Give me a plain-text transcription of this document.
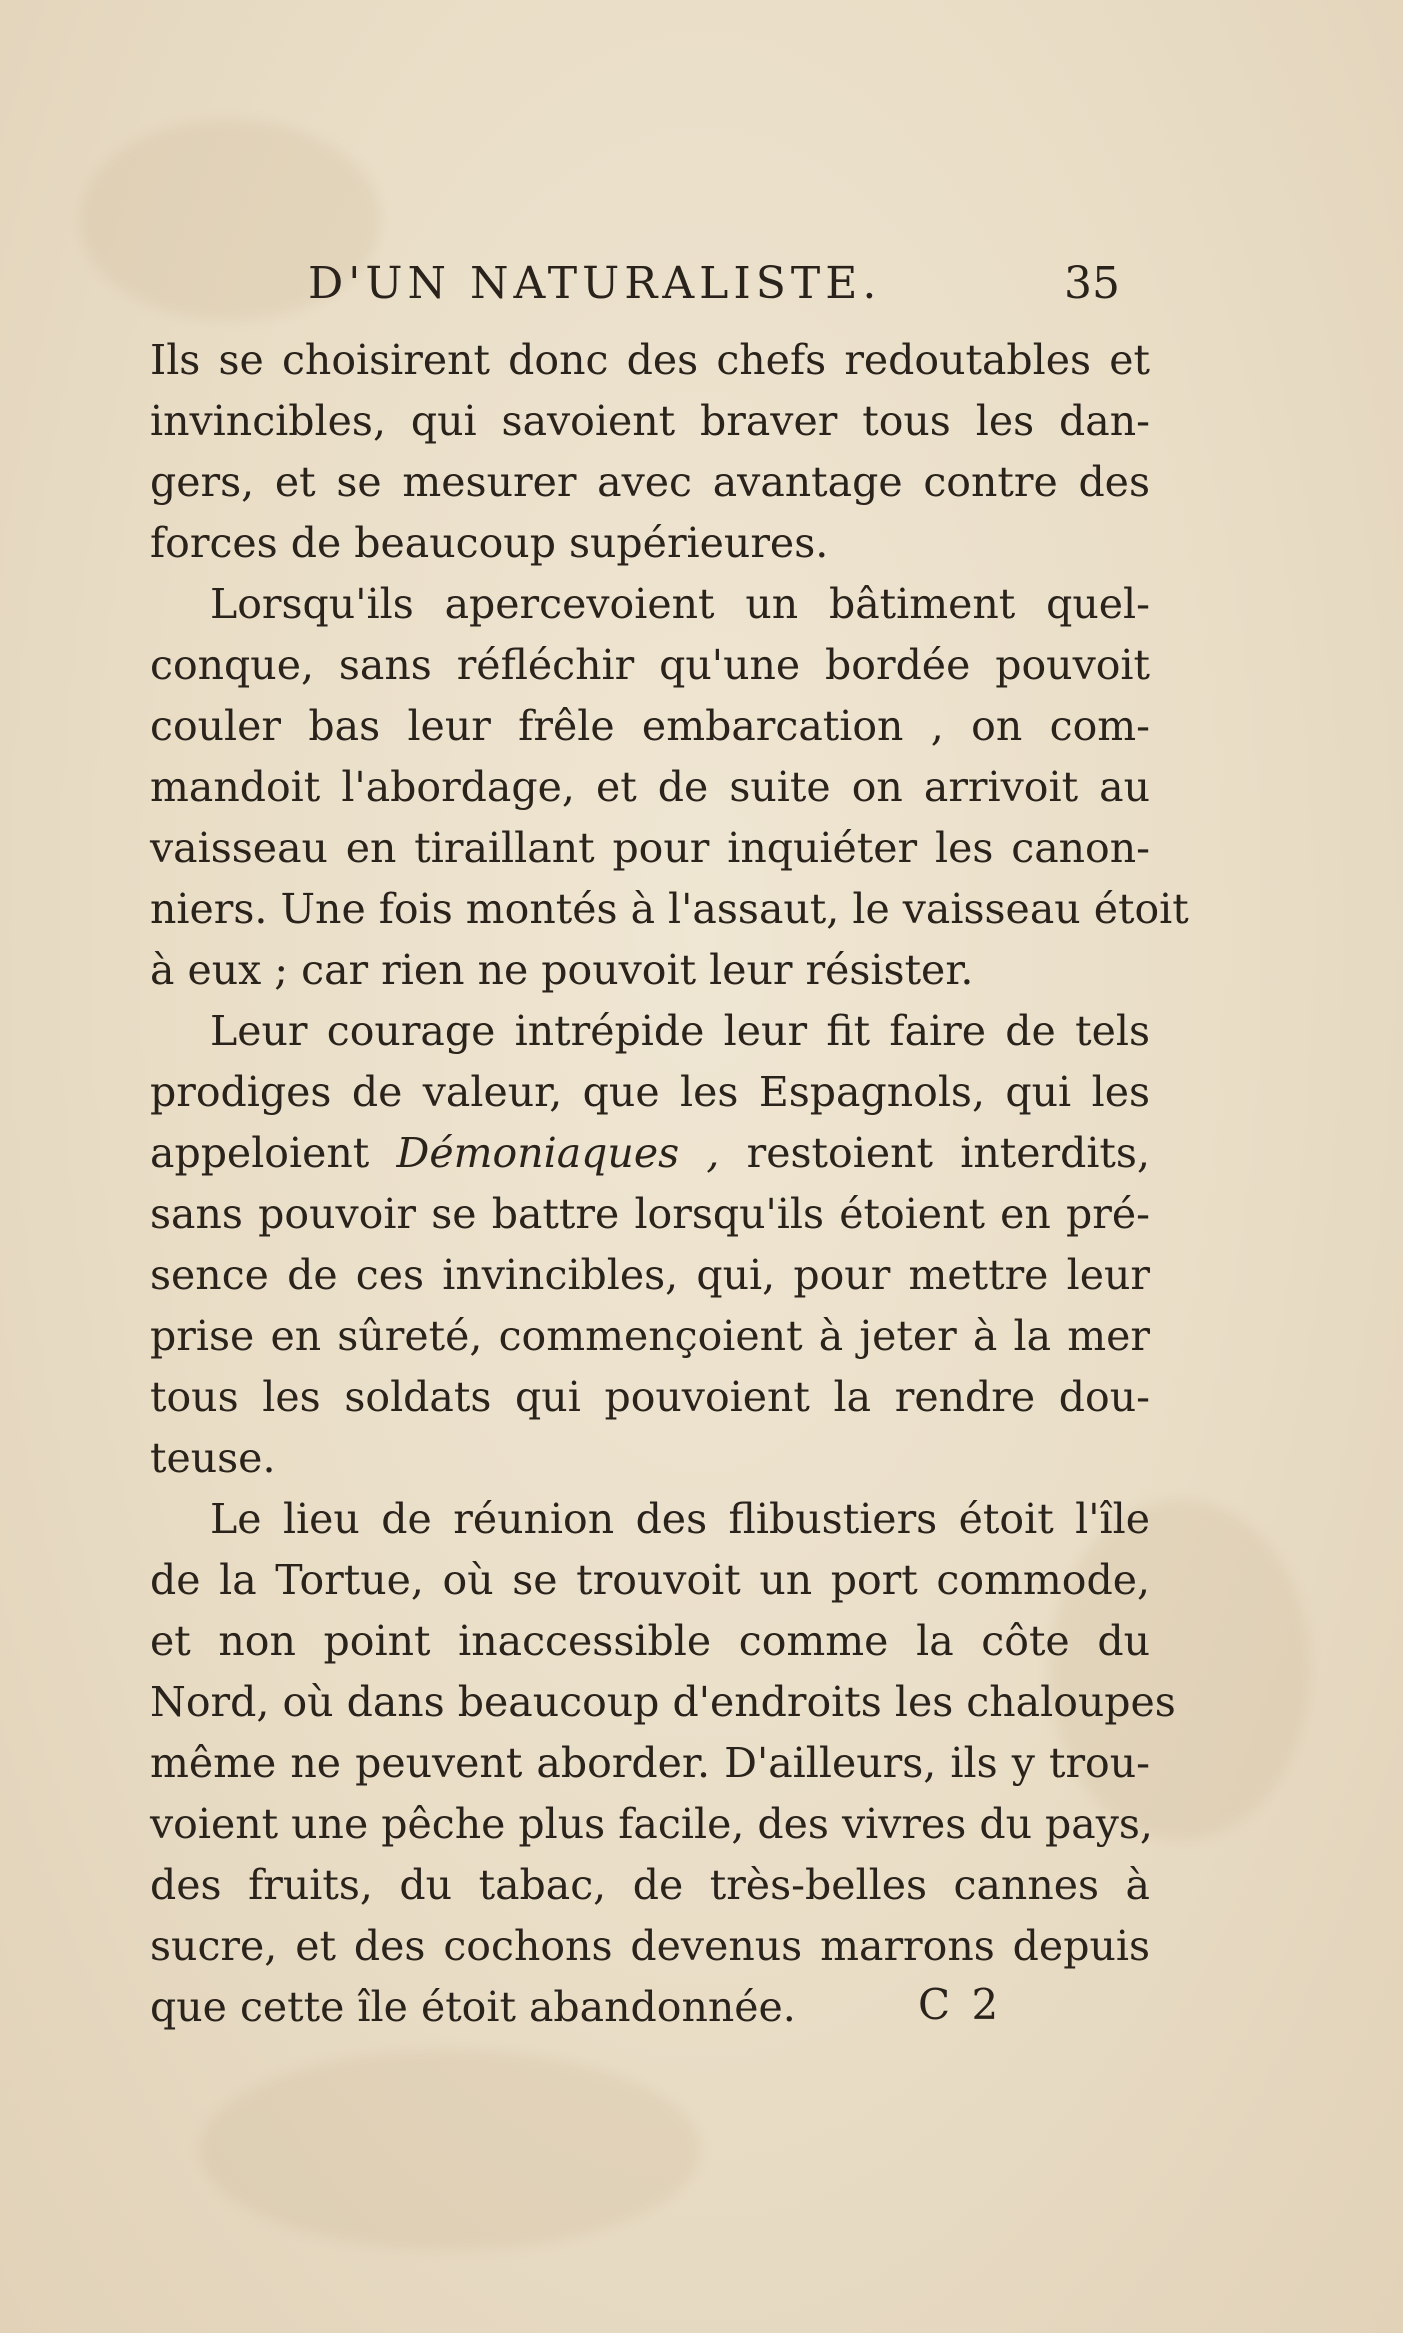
D'UN NATURALISTE.	35

Ils se choisirent donc des chefs redoutables et
invincibles, qui savoient braver tous les dan-
gers, et se mesurer avec avantage contre des
forces de beaucoup supérieures.

Lorsqu'ils apercevoient un bâtiment quel-
conque, sans réfléchir qu'une bordée pouvoit
couler bas leur frêle embarcation , on com-
mandoit l'abordage, et de suite on arrivoit au
vaisseau en tiraillant pour inquiéter les canon-
niers. Une fois montés à l'assaut, le vaisseau étoit
à eux ; car rien ne pouvoit leur résister.

Leur courage intrépide leur fit faire de tels
prodiges de valeur, que les Espagnols, qui les
appeloient Démoniaques , restoient interdits,
sans pouvoir se battre lorsqu'ils étoient en pré-
sence de ces invincibles, qui, pour mettre leur
prise en sûreté, commençoient à jeter à la mer
tous les soldats qui pouvoient la rendre dou-
teuse.

Le lieu de réunion des flibustiers étoit l'île
de la Tortue, où se trouvoit un port commode,
et non point inaccessible comme la côte du
Nord, où dans beaucoup d'endroits les chaloupes
même ne peuvent aborder. D'ailleurs, ils y trou-
voient une pêche plus facile, des vivres du pays,
des fruits, du tabac, de très-belles cannes à
sucre, et des cochons devenus marrons depuis
que cette île étoit abandonnée.	C 2
